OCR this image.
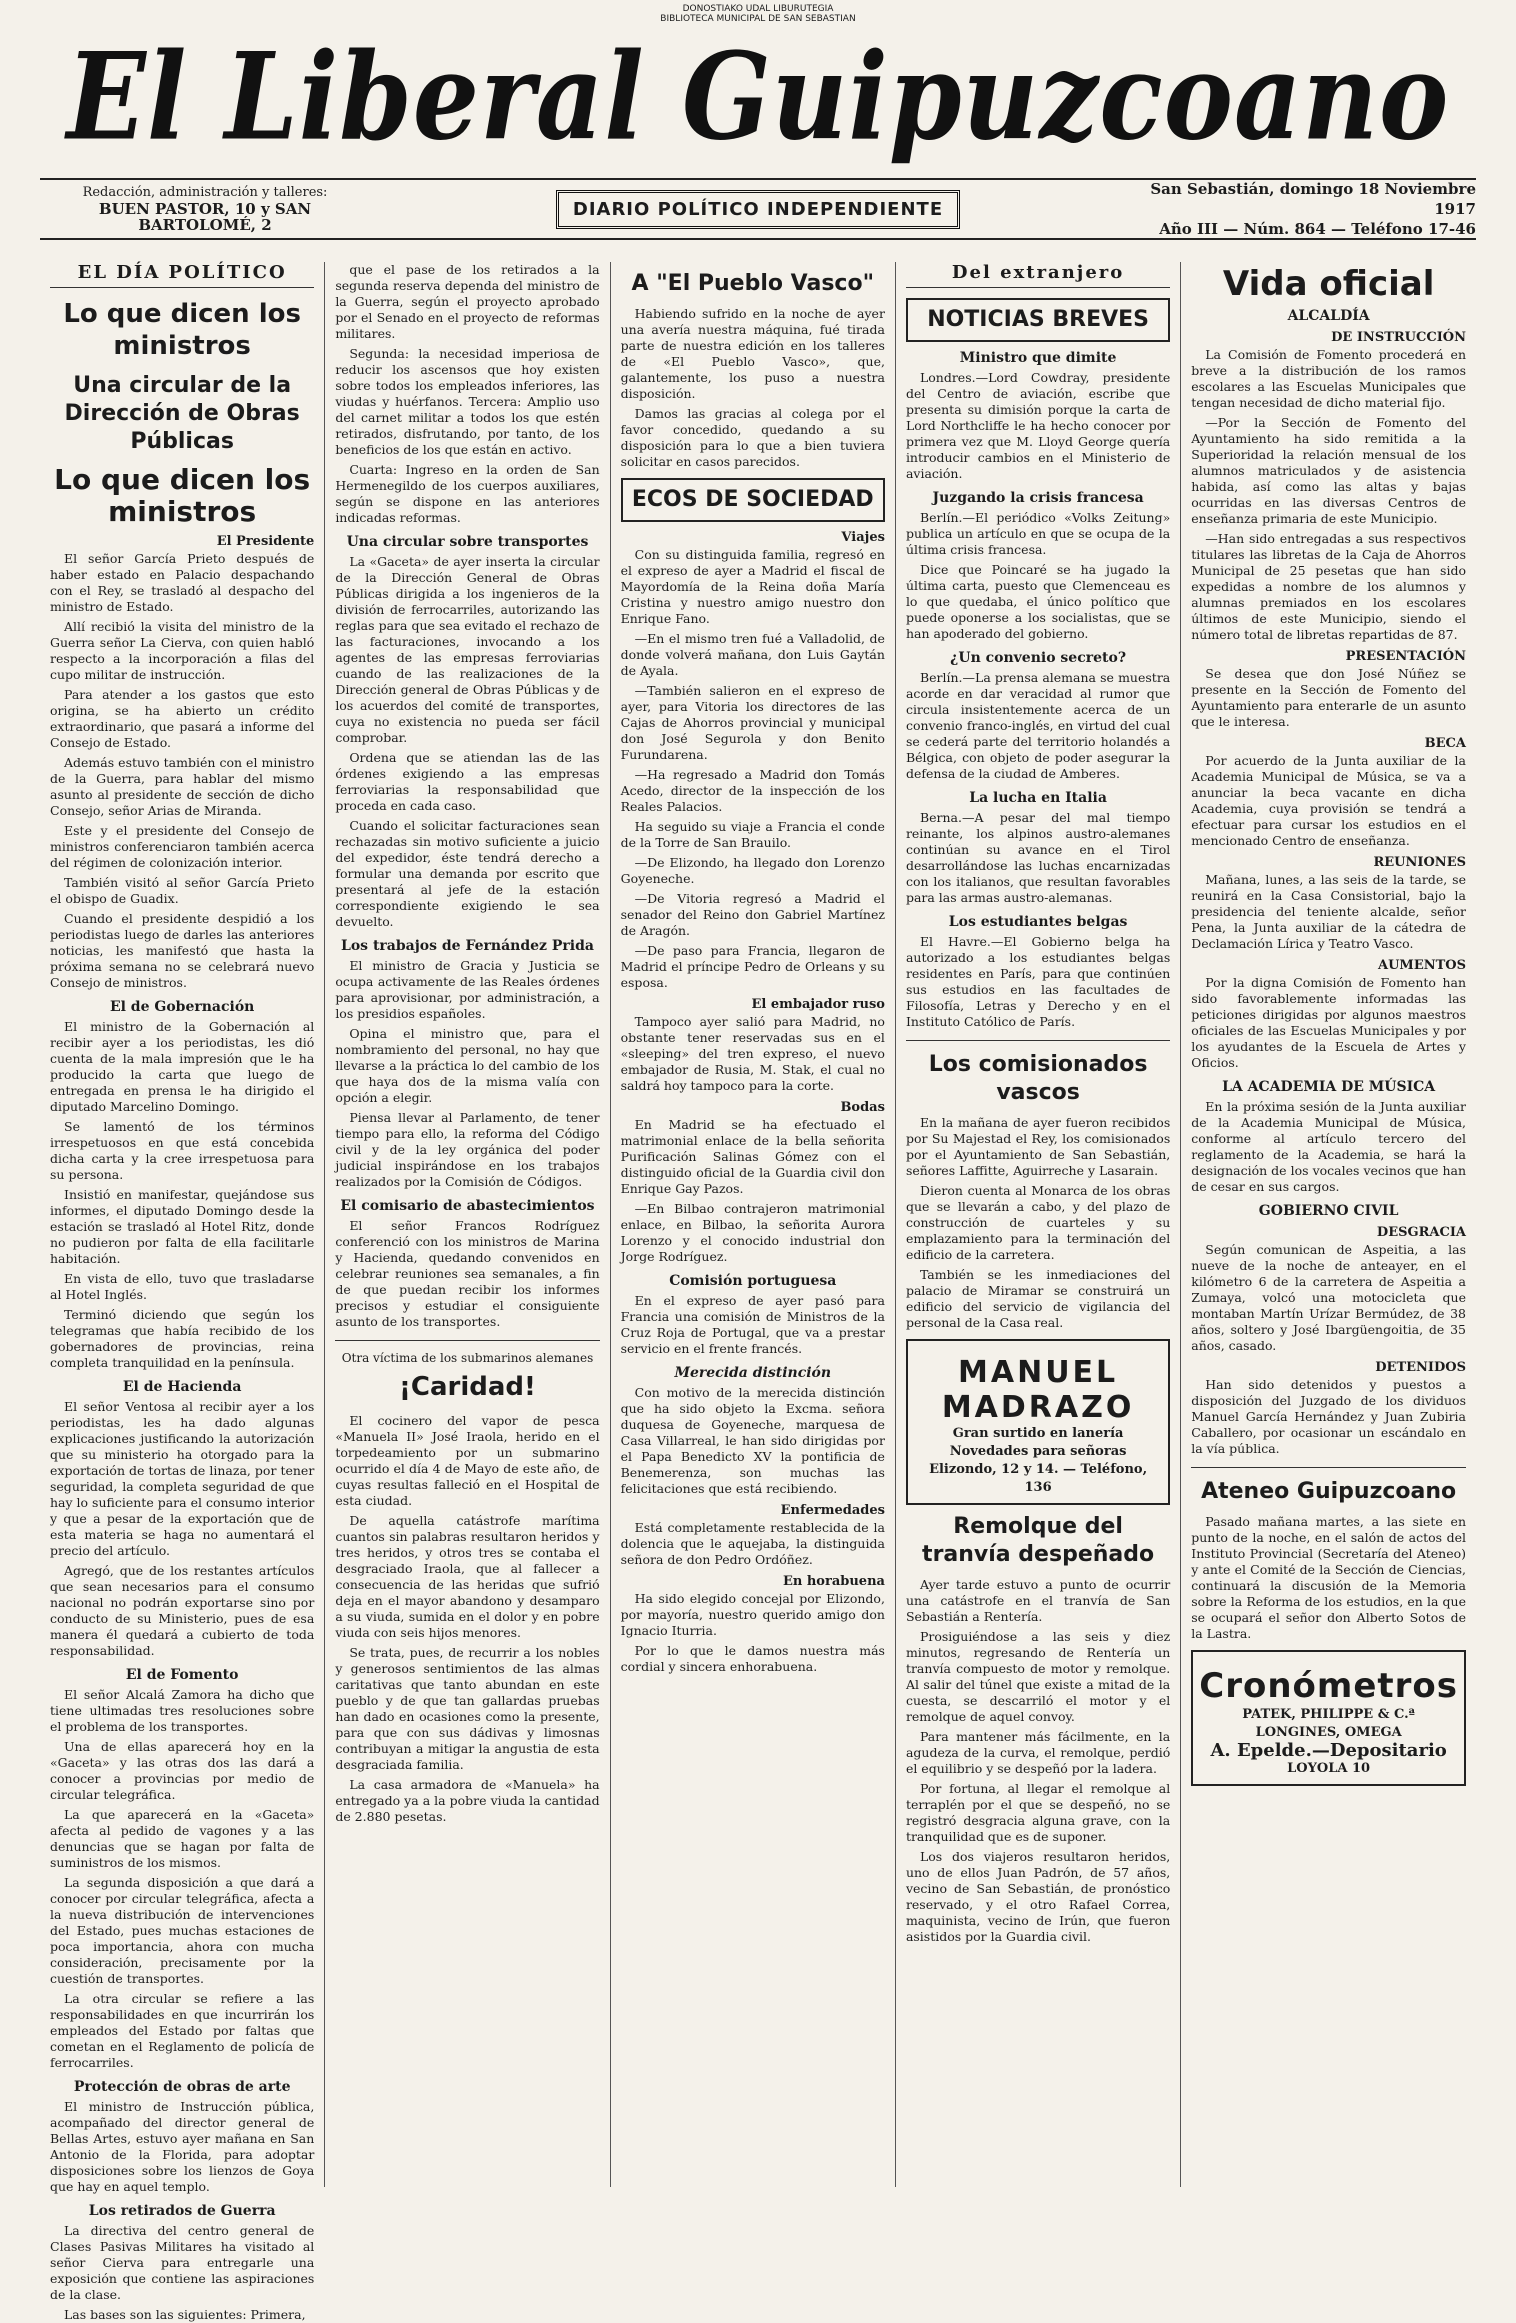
DONOSTIAKO UDAL LIBURUTEGIA
BIBLIOTECA MUNICIPAL DE SAN SEBASTIAN
El Liberal Guipuzcoano
Redacción, administración y talleres:
BUEN PASTOR, 10 y SAN BARTOLOMÉ, 2
DIARIO POLÍTICO INDEPENDIENTE
San Sebastián, domingo 18 Noviembre 1917
Año III — Núm. 864 — Teléfono 17-46
EL DÍA POLÍTICO
Lo que dicen los ministros
Una circular de la Dirección de Obras Públicas
Lo que dicen los ministros
El Presidente

El señor García Prieto después de haber estado en Palacio despachando con el Rey, se trasladó al despacho del ministro de Estado.

Allí recibió la visita del ministro de la Guerra señor La Cierva, con quien habló respecto a la incorporación a filas del cupo militar de instrucción.

Para atender a los gastos que esto origina, se ha abierto un crédito extraordinario, que pasará a informe del Consejo de Estado.

Además estuvo también con el ministro de la Guerra, para hablar del mismo asunto al presidente de sección de dicho Consejo, señor Arias de Miranda.

Este y el presidente del Consejo de ministros conferenciaron también acerca del régimen de colonización interior.

También visitó al señor García Prieto el obispo de Guadix.

Cuando el presidente despidió a los periodistas luego de darles las anteriores noticias, les manifestó que hasta la próxima semana no se celebrará nuevo Consejo de ministros.

El de Gobernación

El ministro de la Gobernación al recibir ayer a los periodistas, les dió cuenta de la mala impresión que le ha producido la carta que luego de entregada en prensa le ha dirigido el diputado Marcelino Domingo.

Se lamentó de los términos irrespetuosos en que está concebida dicha carta y la cree irrespetuosa para su persona.

Insistió en manifestar, quejándose sus informes, el diputado Domingo desde la estación se trasladó al Hotel Ritz, donde no pudieron por falta de ella facilitarle habitación.

En vista de ello, tuvo que trasladarse al Hotel Inglés.

Terminó diciendo que según los telegramas que había recibido de los gobernadores de provincias, reina completa tranquilidad en la península.

El de Hacienda

El señor Ventosa al recibir ayer a los periodistas, les ha dado algunas explicaciones justificando la autorización que su ministerio ha otorgado para la exportación de tortas de linaza, por tener seguridad, la completa seguridad de que hay lo suficiente para el consumo interior y que a pesar de la exportación que de esta materia se haga no aumentará el precio del artículo.

Agregó, que de los restantes artículos que sean necesarios para el consumo nacional no podrán exportarse sino por conducto de su Ministerio, pues de esa manera él quedará a cubierto de toda responsabilidad.

El de Fomento

El señor Alcalá Zamora ha dicho que tiene ultimadas tres resoluciones sobre el problema de los transportes.

Una de ellas aparecerá hoy en la «Gaceta» y las otras dos las dará a conocer a provincias por medio de circular telegráfica.

La que aparecerá en la «Gaceta» afecta al pedido de vagones y a las denuncias que se hagan por falta de suministros de los mismos.

La segunda disposición a que dará a conocer por circular telegráfica, afecta a la nueva distribución de intervenciones del Estado, pues muchas estaciones de poca importancia, ahora con mucha consideración, precisamente por la cuestión de transportes.

La otra circular se refiere a las responsabilidades en que incurrirán los empleados del Estado por faltas que cometan en el Reglamento de policía de ferrocarriles.

Protección de obras de arte

El ministro de Instrucción pública, acompañado del director general de Bellas Artes, estuvo ayer mañana en San Antonio de la Florida, para adoptar disposiciones sobre los lienzos de Goya que hay en aquel templo.

Los retirados de Guerra

La directiva del centro general de Clases Pasivas Militares ha visitado al señor Cierva para entregarle una exposición que contiene las aspiraciones de la clase.

Las bases son las siguientes: Primera,

que el pase de los retirados a la segunda reserva dependa del ministro de la Guerra, según el proyecto aprobado por el Senado en el proyecto de reformas militares.

Segunda: la necesidad imperiosa de reducir los ascensos que hoy existen sobre todos los empleados inferiores, las viudas y huérfanos. Tercera: Amplio uso del carnet militar a todos los que estén retirados, disfrutando, por tanto, de los beneficios de los que están en activo.

Cuarta: Ingreso en la orden de San Hermenegildo de los cuerpos auxiliares, según se dispone en las anteriores indicadas reformas.

Una circular sobre transportes

La «Gaceta» de ayer inserta la circular de la Dirección General de Obras Públicas dirigida a los ingenieros de la división de ferrocarriles, autorizando las reglas para que sea evitado el rechazo de las facturaciones, invocando a los agentes de las empresas ferroviarias cuando de las realizaciones de la Dirección general de Obras Públicas y de los acuerdos del comité de transportes, cuya no existencia no pueda ser fácil comprobar.

Ordena que se atiendan las de las órdenes exigiendo a las empresas ferroviarias la responsabilidad que proceda en cada caso.

Cuando el solicitar facturaciones sean rechazadas sin motivo suficiente a juicio del expedidor, éste tendrá derecho a formular una demanda por escrito que presentará al jefe de la estación correspondiente exigiendo le sea devuelto.

Los trabajos de Fernández Prida

El ministro de Gracia y Justicia se ocupa activamente de las Reales órdenes para aprovisionar, por administración, a los presidios españoles.

Opina el ministro que, para el nombramiento del personal, no hay que llevarse a la práctica lo del cambio de los que haya dos de la misma valía con opción a elegir.

Piensa llevar al Parlamento, de tener tiempo para ello, la reforma del Código civil y de la ley orgánica del poder judicial inspirándose en los trabajos realizados por la Comisión de Códigos.

El comisario de abastecimientos

El señor Francos Rodríguez conferenció con los ministros de Marina y Hacienda, quedando convenidos en celebrar reuniones sea semanales, a fin de que puedan recibir los informes precisos y estudiar el consiguiente asunto de los transportes.

Otra víctima de los submarinos alemanes
¡Caridad!

El cocinero del vapor de pesca «Manuela II» José Iraola, herido en el torpedeamiento por un submarino ocurrido el día 4 de Mayo de este año, de cuyas resultas falleció en el Hospital de esta ciudad.

De aquella catástrofe marítima cuantos sin palabras resultaron heridos y tres heridos, y otros tres se contaba el desgraciado Iraola, que al fallecer a consecuencia de las heridas que sufrió deja en el mayor abandono y desamparo a su viuda, sumida en el dolor y en pobre viuda con seis hijos menores.

Se trata, pues, de recurrir a los nobles y generosos sentimientos de las almas caritativas que tanto abundan en este pueblo y de que tan gallardas pruebas han dado en ocasiones como la presente, para que con sus dádivas y limosnas contribuyan a mitigar la angustia de esta desgraciada familia.

La casa armadora de «Manuela» ha entregado ya a la pobre viuda la cantidad de 2.880 pesetas.

A "El Pueblo Vasco"

Habiendo sufrido en la noche de ayer una avería nuestra máquina, fué tirada parte de nuestra edición en los talleres de «El Pueblo Vasco», que, galantemente, los puso a nuestra disposición.

Damos las gracias al colega por el favor concedido, quedando a su disposición para lo que a bien tuviera solicitar en casos parecidos.

ECOS DE SOCIEDAD
Viajes

Con su distinguida familia, regresó en el expreso de ayer a Madrid el fiscal de Mayordomía de la Reina doña María Cristina y nuestro amigo nuestro don Enrique Fano.

—En el mismo tren fué a Valladolid, de donde volverá mañana, don Luis Gaytán de Ayala.

—También salieron en el expreso de ayer, para Vitoria los directores de las Cajas de Ahorros provincial y municipal don José Segurola y don Benito Furundarena.

—Ha regresado a Madrid don Tomás Acedo, director de la inspección de los Reales Palacios.

Ha seguido su viaje a Francia el conde de la Torre de San Brauilo.

—De Elizondo, ha llegado don Lorenzo Goyeneche.

—De Vitoria regresó a Madrid el senador del Reino don Gabriel Martínez de Aragón.

—De paso para Francia, llegaron de Madrid el príncipe Pedro de Orleans y su esposa.

El embajador ruso

Tampoco ayer salió para Madrid, no obstante tener reservadas sus en el «sleeping» del tren expreso, el nuevo embajador de Rusia, M. Stak, el cual no saldrá hoy tampoco para la corte.

Bodas

En Madrid se ha efectuado el matrimonial enlace de la bella señorita Purificación Salinas Gómez con el distinguido oficial de la Guardia civil don Enrique Gay Pazos.

—En Bilbao contrajeron matrimonial enlace, en Bilbao, la señorita Aurora Lorenzo y el conocido industrial don Jorge Rodríguez.

Comisión portuguesa

En el expreso de ayer pasó para Francia una comisión de Ministros de la Cruz Roja de Portugal, que va a prestar servicio en el frente francés.

Merecida distinción

Con motivo de la merecida distinción que ha sido objeto la Excma. señora duquesa de Goyeneche, marquesa de Casa Villarreal, le han sido dirigidas por el Papa Benedicto XV la pontificia de Benemerenza, son muchas las felicitaciones que está recibiendo.

Enfermedades

Está completamente restablecida de la dolencia que le aquejaba, la distinguida señora de don Pedro Ordóñez.

En horabuena

Ha sido elegido concejal por Elizondo, por mayoría, nuestro querido amigo don Ignacio Iturria.

Por lo que le damos nuestra más cordial y sincera enhorabuena.

Del extranjero
NOTICIAS BREVES
Ministro que dimite

Londres.—Lord Cowdray, presidente del Centro de aviación, escribe que presenta su dimisión porque la carta de Lord Northcliffe le ha hecho conocer por primera vez que M. Lloyd George quería introducir cambios en el Ministerio de aviación.

Juzgando la crisis francesa

Berlín.—El periódico «Volks Zeitung» publica un artículo en que se ocupa de la última crisis francesa.

Dice que Poincaré se ha jugado la última carta, puesto que Clemenceau es lo que quedaba, el único político que puede oponerse a los socialistas, que se han apoderado del gobierno.

¿Un convenio secreto?

Berlín.—La prensa alemana se muestra acorde en dar veracidad al rumor que circula insistentemente acerca de un convenio franco-inglés, en virtud del cual se cederá parte del territorio holandés a Bélgica, con objeto de poder asegurar la defensa de la ciudad de Amberes.

La lucha en Italia

Berna.—A pesar del mal tiempo reinante, los alpinos austro-alemanes continúan su avance en el Tirol desarrollándose las luchas encarnizadas con los italianos, que resultan favorables para las armas austro-alemanas.

Los estudiantes belgas

El Havre.—El Gobierno belga ha autorizado a los estudiantes belgas residentes en París, para que continúen sus estudios en las facultades de Filosofía, Letras y Derecho y en el Instituto Católico de París.

Los comisionados vascos

En la mañana de ayer fueron recibidos por Su Majestad el Rey, los comisionados por el Ayuntamiento de San Sebastián, señores Laffitte, Aguirreche y Lasarain.

Dieron cuenta al Monarca de los obras que se llevarán a cabo, y del plazo de construcción de cuarteles y su emplazamiento para la terminación del edificio de la carretera.

También se les inmediaciones del palacio de Miramar se construirá un edificio del servicio de vigilancia del personal de la Casa real.

MANUEL MADRAZO
Gran surtido en lanería
Novedades para señoras
Elizondo, 12 y 14. — Teléfono, 136
Remolque del tranvía despeñado

Ayer tarde estuvo a punto de ocurrir una catástrofe en el tranvía de San Sebastián a Rentería.

Prosiguiéndose a las seis y diez minutos, regresando de Rentería un tranvía compuesto de motor y remolque. Al salir del túnel que existe a mitad de la cuesta, se descarriló el motor y el remolque de aquel convoy.

Para mantener más fácilmente, en la agudeza de la curva, el remolque, perdió el equilibrio y se despeñó por la ladera.

Por fortuna, al llegar el remolque al terraplén por el que se despeñó, no se registró desgracia alguna grave, con la tranquilidad que es de suponer.

Los dos viajeros resultaron heridos, uno de ellos Juan Padrón, de 57 años, vecino de San Sebastián, de pronóstico reservado, y el otro Rafael Correa, maquinista, vecino de Irún, que fueron asistidos por la Guardia civil.

Vida oficial
ALCALDÍA
DE INSTRUCCIÓN

La Comisión de Fomento procederá en breve a la distribución de los ramos escolares a las Escuelas Municipales que tengan necesidad de dicho material fijo.

—Por la Sección de Fomento del Ayuntamiento ha sido remitida a la Superioridad la relación mensual de los alumnos matriculados y de asistencia habida, así como las altas y bajas ocurridas en las diversas Centros de enseñanza primaria de este Municipio.

—Han sido entregadas a sus respectivos titulares las libretas de la Caja de Ahorros Municipal de 25 pesetas que han sido expedidas a nombre de los alumnos y alumnas premiados en los escolares últimos de este Municipio, siendo el número total de libretas repartidas de 87.

PRESENTACIÓN

Se desea que don José Núñez se presente en la Sección de Fomento del Ayuntamiento para enterarle de un asunto que le interesa.

BECA

Por acuerdo de la Junta auxiliar de la Academia Municipal de Música, se va a anunciar la beca vacante en dicha Academia, cuya provisión se tendrá a efectuar para cursar los estudios en el mencionado Centro de enseñanza.

REUNIONES

Mañana, lunes, a las seis de la tarde, se reunirá en la Casa Consistorial, bajo la presidencia del teniente alcalde, señor Pena, la Junta auxiliar de la cátedra de Declamación Lírica y Teatro Vasco.

AUMENTOS

Por la digna Comisión de Fomento han sido favorablemente informadas las peticiones dirigidas por algunos maestros oficiales de las Escuelas Municipales y por los ayudantes de la Escuela de Artes y Oficios.

LA ACADEMIA DE MÚSICA

En la próxima sesión de la Junta auxiliar de la Academia Municipal de Música, conforme al artículo tercero del reglamento de la Academia, se hará la designación de los vocales vecinos que han de cesar en sus cargos.

GOBIERNO CIVIL
DESGRACIA

Según comunican de Aspeitia, a las nueve de la noche de anteayer, en el kilómetro 6 de la carretera de Aspeitia a Zumaya, volcó una motocicleta que montaban Martín Urízar Bermúdez, de 38 años, soltero y José Ibargüengoitia, de 35 años, casado.

DETENIDOS

Han sido detenidos y puestos a disposición del Juzgado de los dividuos Manuel García Hernández y Juan Zubiria Caballero, por ocasionar un escándalo en la vía pública.

Ateneo Guipuzcoano

Pasado mañana martes, a las siete en punto de la noche, en el salón de actos del Instituto Provincial (Secretaría del Ateneo) y ante el Comité de la Sección de Ciencias, continuará la discusión de la Memoria sobre la Reforma de los estudios, en la que se ocupará el señor don Alberto Sotos de la Lastra.

Cronómetros
PATEK, PHILIPPE & C.ª
LONGINES, OMEGA
A. Epelde.—Depositario
LOYOLA 10
